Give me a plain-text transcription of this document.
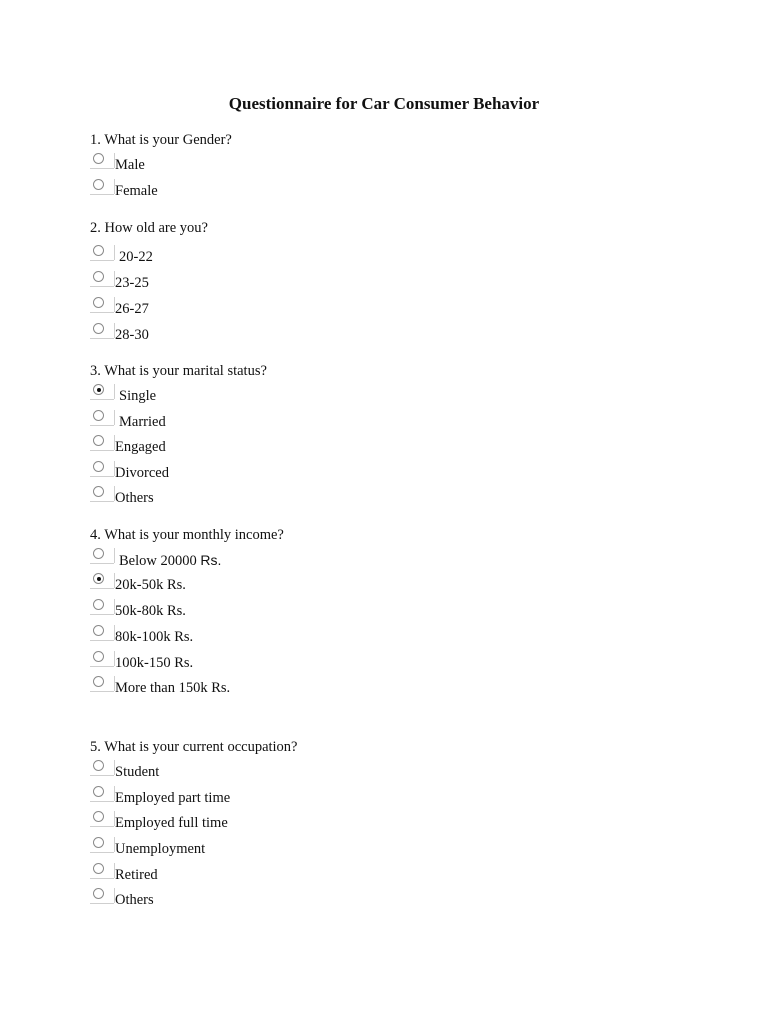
Questionnaire for Car Consumer Behavior
1. What is your Gender?
Male
Female
2. How old are you?
20-22
23-25
26-27
28-30
3. What is your marital status?
Single
Married
Engaged
Divorced
Others
4. What is your monthly income?
Below 20000 Rs.
20k-50k Rs.
50k-80k Rs.
80k-100k Rs.
100k-150 Rs.
More than 150k Rs.
5. What is your current occupation?
Student
Employed part time
Employed full time
Unemployment
Retired
Others
